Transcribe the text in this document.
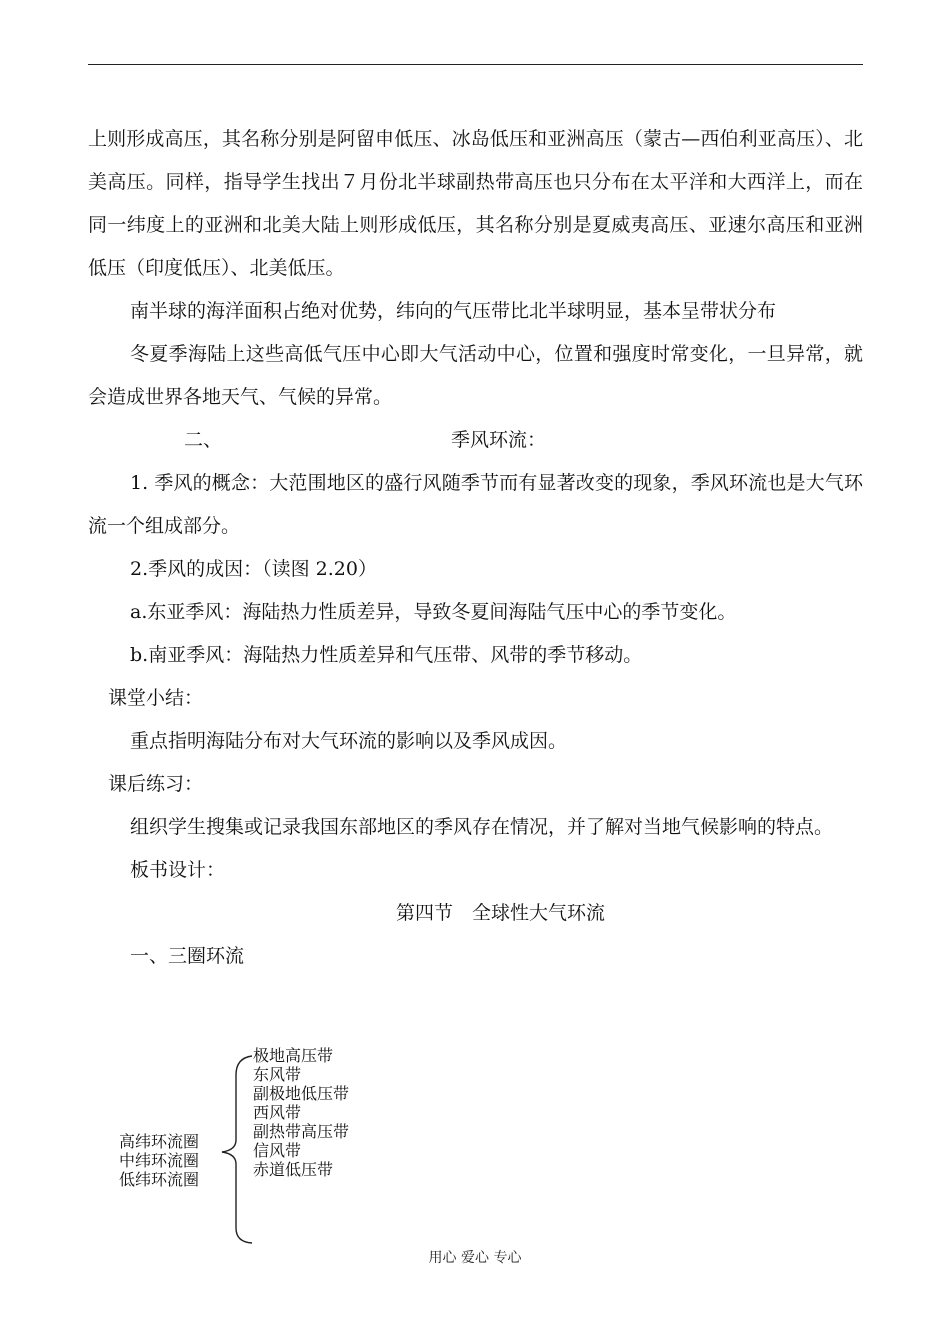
上则形成高压，其名称分别是阿留申低压、冰岛低压和亚洲高压（蒙古—西伯利亚高压）、北美高压。同样，指导学生找出７月份北半球副热带高压也只分布在太平洋和大西洋上，而在同一纬度上的亚洲和北美大陆上则形成低压，其名称分别是夏威夷高压、亚速尔高压和亚洲低压（印度低压）、北美低压。

南半球的海洋面积占绝对优势，纬向的气压带比北半球明显，基本呈带状分布

冬夏季海陆上这些高低气压中心即大气活动中心，位置和强度时常变化，一旦异常，就会造成世界各地天气、气候的异常。

二、	季风环流：

1. 季风的概念：大范围地区的盛行风随季节而有显著改变的现象，季风环流也是大气环流一个组成部分。

2.季风的成因：（读图 2.20）

a.东亚季风：海陆热力性质差异，导致冬夏间海陆气压中心的季节变化。

b.南亚季风：海陆热力性质差异和气压带、风带的季节移动。

课堂小结：

重点指明海陆分布对大气环流的影响以及季风成因。

课后练习：

组织学生搜集或记录我国东部地区的季风存在情况，并了解对当地气候影响的特点。

板书设计：

第四节　全球性大气环流

一、三圈环流

高纬环流圈
中纬环流圈
低纬环流圈
极地高压带
东风带
副极地低压带
西风带
副热带高压带
信风带
赤道低压带
用心 爱心 专心
